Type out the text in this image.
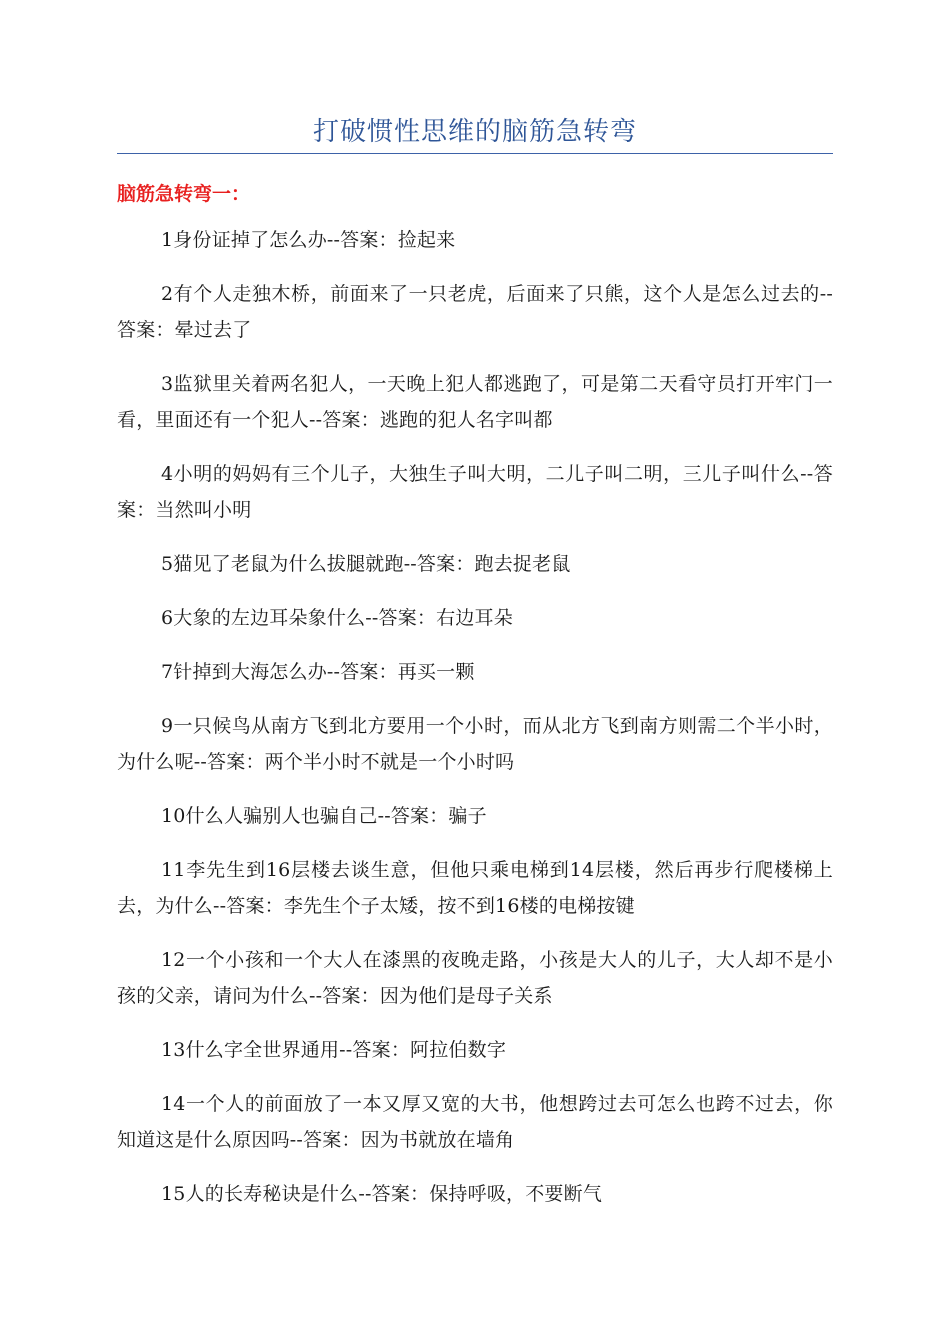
打破惯性思维的脑筋急转弯
脑筋急转弯一：
1身份证掉了怎么办--答案：捡起来
2有个人走独木桥，前面来了一只老虎，后面来了只熊，这个人是怎么过去的--答案：晕过去了
3监狱里关着两名犯人，一天晚上犯人都逃跑了，可是第二天看守员打开牢门一看，里面还有一个犯人--答案：逃跑的犯人名字叫都
4小明的妈妈有三个儿子，大独生子叫大明，二儿子叫二明，三儿子叫什么--答案：当然叫小明
5猫见了老鼠为什么拔腿就跑--答案：跑去捉老鼠
6大象的左边耳朵象什么--答案：右边耳朵
7针掉到大海怎么办--答案：再买一颗
9一只候鸟从南方飞到北方要用一个小时，而从北方飞到南方则需二个半小时，为什么呢--答案：两个半小时不就是一个小时吗
10什么人骗别人也骗自己--答案：骗子
11李先生到16层楼去谈生意，但他只乘电梯到14层楼，然后再步行爬楼梯上去，为什么--答案：李先生个子太矮，按不到16楼的电梯按键
12一个小孩和一个大人在漆黑的夜晚走路，小孩是大人的儿子，大人却不是小孩的父亲，请问为什么--答案：因为他们是母子关系
13什么字全世界通用--答案：阿拉伯数字
14一个人的前面放了一本又厚又宽的大书，他想跨过去可怎么也跨不过去，你知道这是什么原因吗--答案：因为书就放在墙角
15人的长寿秘诀是什么--答案：保持呼吸，不要断气
